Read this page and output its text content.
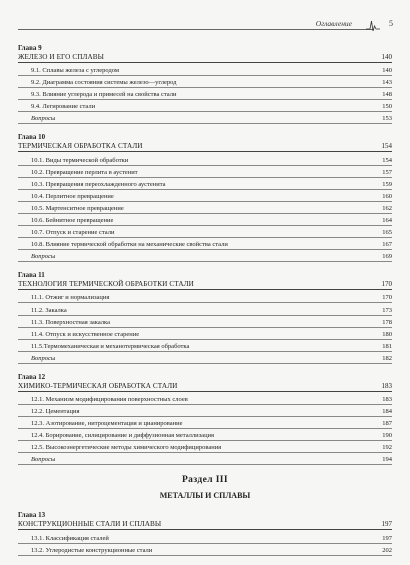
Оглавление	5
Глава 9
ЖЕЛЕЗО И ЕГО СПЛАВЫ	140
9.1. Сплавы железа с углеродом	140
9.2. Диаграмма состояния системы железо—углерод	143
9.3. Влияние углерода и примесей на свойства стали	148
9.4. Легирование стали	150
Вопросы	153
Глава 10
ТЕРМИЧЕСКАЯ ОБРАБОТКА СТАЛИ	154
10.1. Виды термической обработки	154
10.2. Превращение перлита в аустенит	157
10.3. Превращения переохлажденного аустенита	159
10.4. Перлитное превращение	160
10.5. Мартенситное превращение	162
10.6. Бейнитное превращение	164
10.7. Отпуск и старение стали	165
10.8. Влияние термической обработки на механические свойства стали	167
Вопросы	169
Глава 11
ТЕХНОЛОГИЯ ТЕРМИЧЕСКОЙ ОБРАБОТКИ СТАЛИ	170
11.1. Отжиг и нормализация	170
11.2. Закалка	173
11.3. Поверхностная закалка	178
11.4. Отпуск и искусственное старение	180
11.5.Термомеханическая и механотермическая обработка	181
Вопросы	182
Глава 12
ХИМИКО-ТЕРМИЧЕСКАЯ ОБРАБОТКА СТАЛИ	183
12.1. Механизм модифицирования поверхностных слоев	183
12.2. Цементация	184
12.3. Азотирование, нитроцементация и цианирование	187
12.4. Борирование, силицирование и диффузионная металлизация	190
12.5. Высокоэнергетические методы химического модифицирования	192
Вопросы	194
Раздел III
МЕТАЛЛЫ И СПЛАВЫ
Глава 13
КОНСТРУКЦИОННЫЕ СТАЛИ И СПЛАВЫ	197
13.1. Классификация сталей	197
13.2. Углеродистые конструкционные стали	202
